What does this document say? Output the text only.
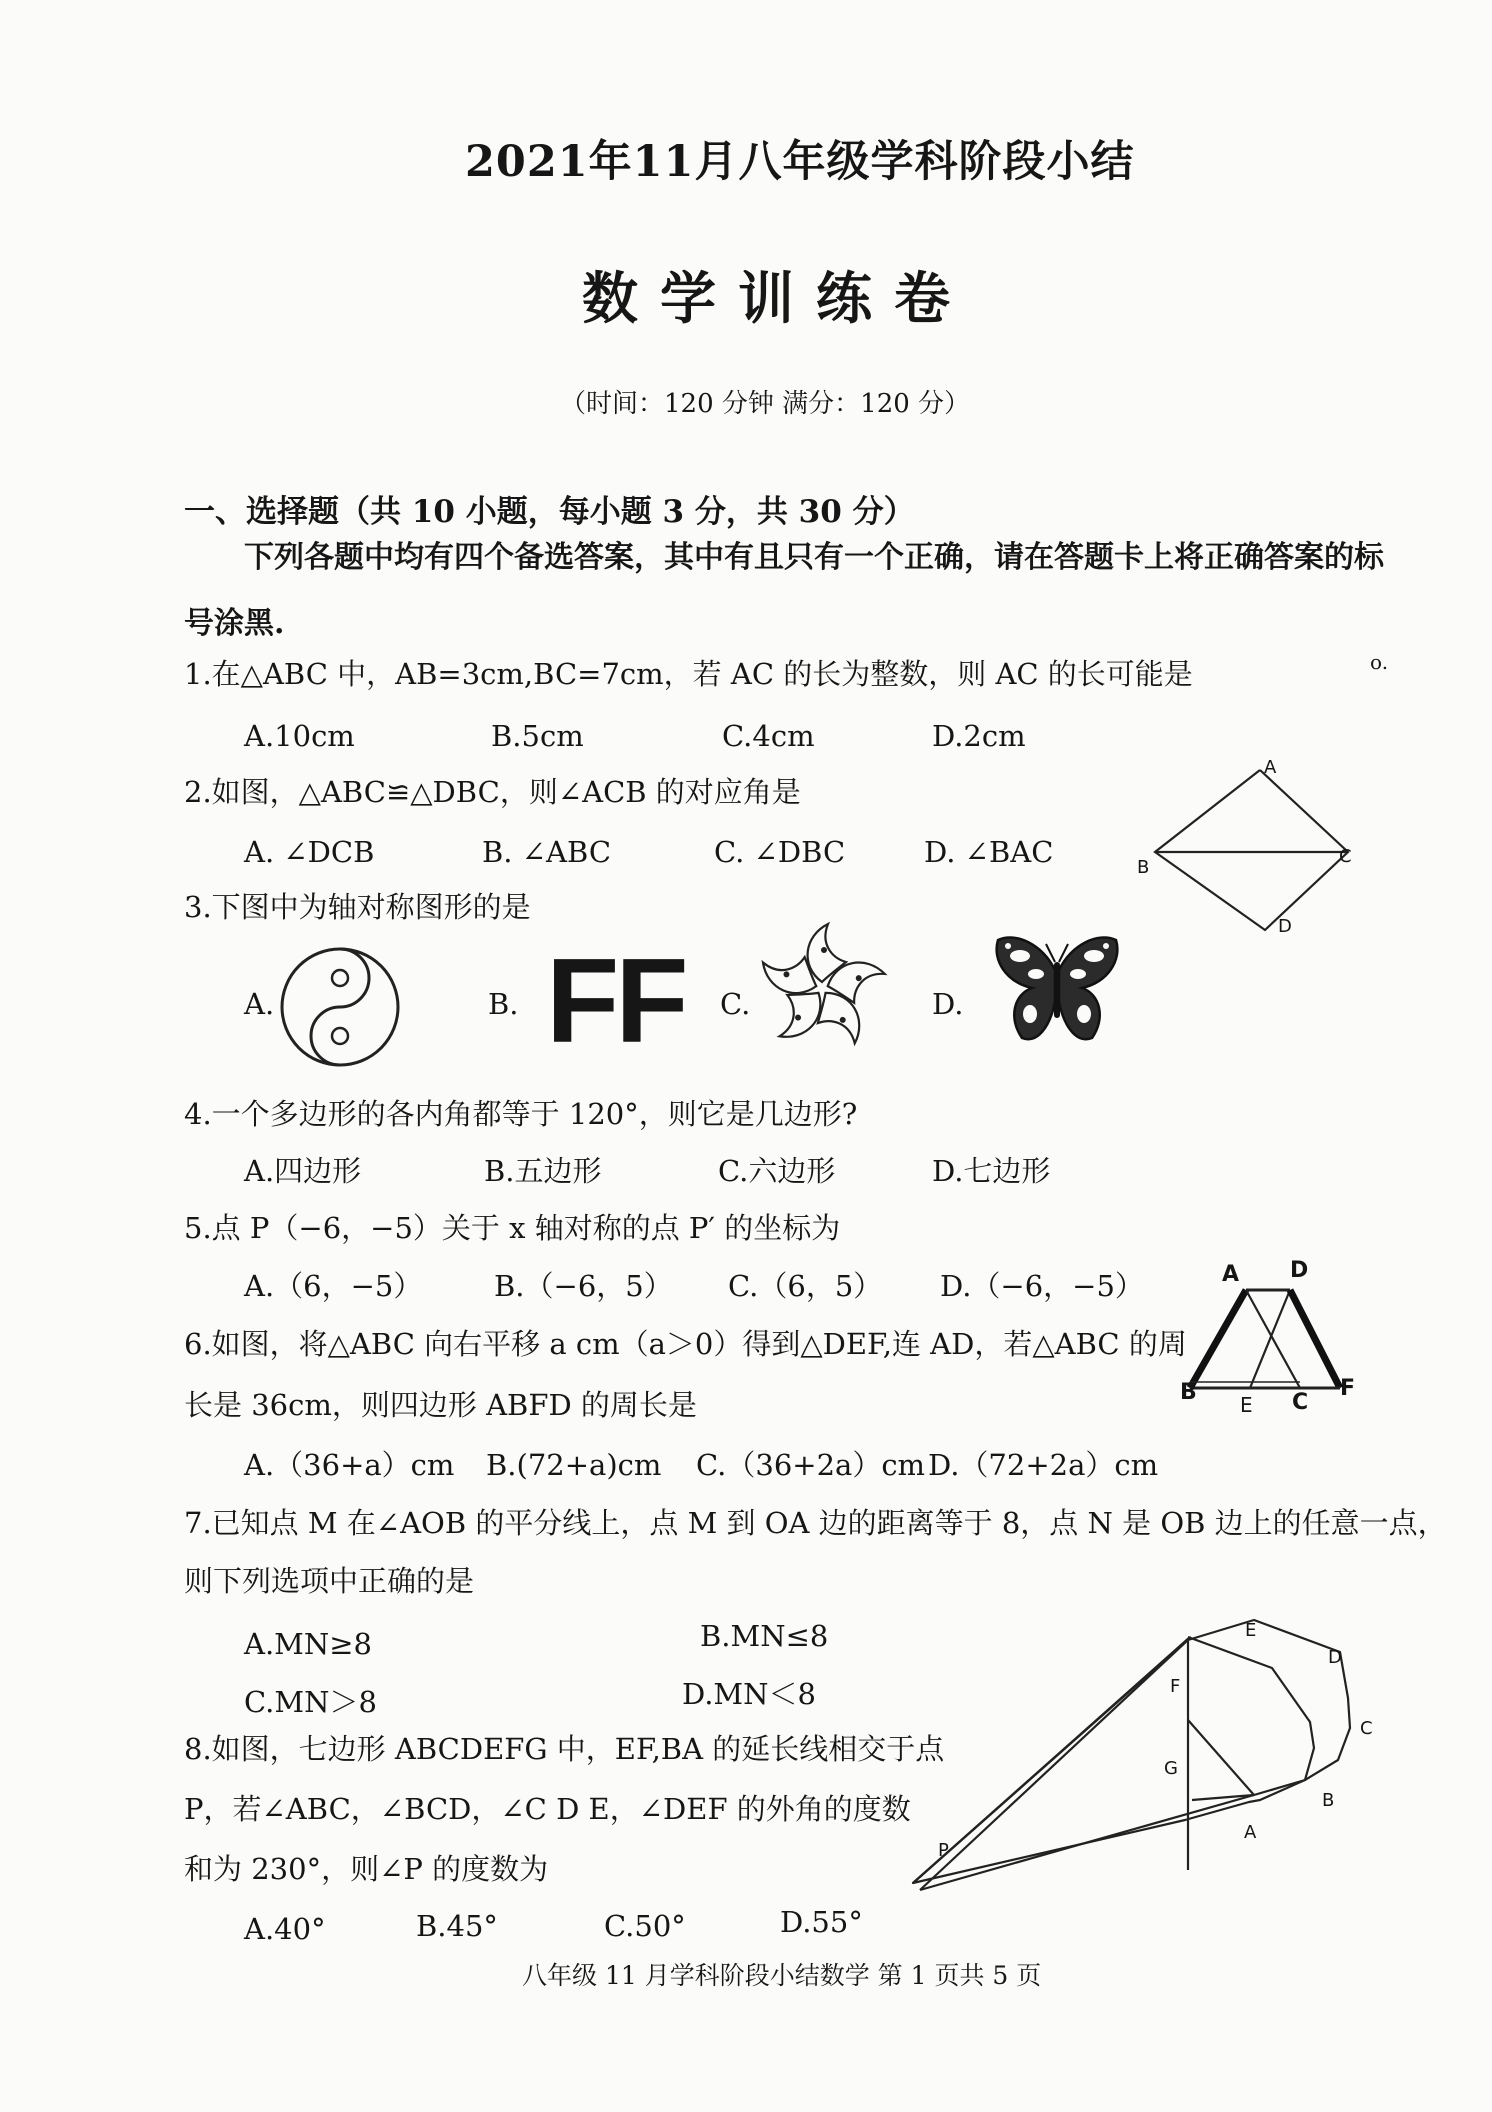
2021年11月八年级学科阶段小结
数学训练卷
（时间：120 分钟 满分：120 分）
一、选择题（共 10 小题，每小题 3 分，共 30 分）
下列各题中均有四个备选答案，其中有且只有一个正确，请在答题卡上将正确答案的标
号涂黑.
o.
1.在△ABC 中，AB=3cm,BC=7cm，若 AC 的长为整数，则 AC 的长可能是
A.10cm	B.5cm	C.4cm	D.2cm
2.如图，△ABC≌△DBC，则∠ACB 的对应角是
A. ∠DCB	B. ∠ABC	C. ∠DBC	D. ∠BAC
A
B
C
D
3.下图中为轴对称图形的是
A.	B.	C.	D.
FF
4.一个多边形的各内角都等于 120°，则它是几边形?
A.四边形	B.五边形	C.六边形	D.七边形
5.点 P（−6，−5）关于 x 轴对称的点 P′ 的坐标为
A.（6，−5） B.（−6，5） C.（6，5） D.（−6，−5）
6.如图，将△ABC 向右平移 a cm（a＞0）得到△DEF,连 AD，若△ABC 的周
长是 36cm，则四边形 ABFD 的周长是
A.（36+a）cm B.(72+a)cm C.（36+2a）cm D.（72+2a）cm
A D
B E C
F
7.已知点 M 在∠AOB 的平分线上，点 M 到 OA 边的距离等于 8，点 N 是 OB 边上的任意一点，
则下列选项中正确的是
A.MN≥8	B.MN≤8
C.MN＞8	D.MN＜8
8.如图，七边形 ABCDEFG 中，EF,BA 的延长线相交于点
P，若∠ABC，∠BCD，∠C D E，∠DEF 的外角的度数
和为 230°，则∠P 的度数为
A.40°	B.45°	C.50°	D.55°
E
D
F
C
G
B
A
P
八年级 11 月学科阶段小结数学 第 1 页共 5 页
